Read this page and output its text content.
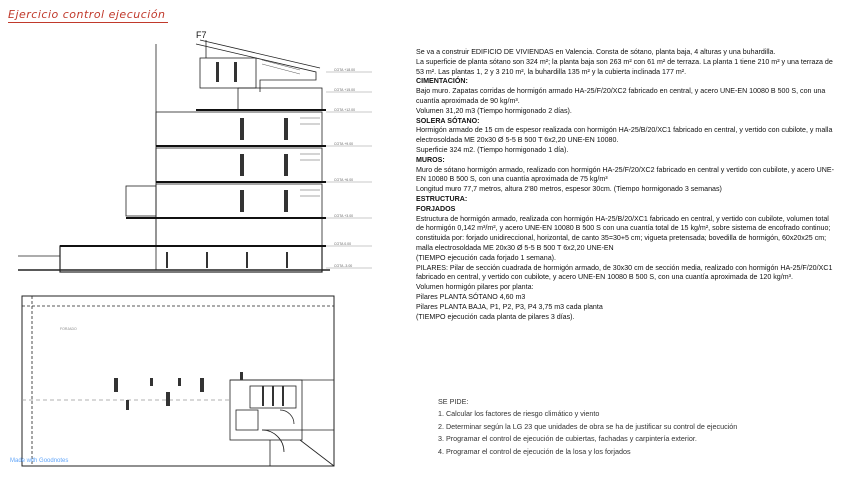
Ejercicio control ejecución
F7
COTA +18.00
COTA +15.00
COTA +12.00
COTA +9.00
COTA +6.00
COTA +3.00
COTA 0.00
COTA -3.00
FORJADO

Se va a construir EDIFICIO DE VIVIENDAS en Valencia. Consta de sótano, planta baja, 4 alturas y una buhardilla.

La superficie de planta sótano son 324 m²; la planta baja son 263 m² con 61 m² de terraza. La planta 1 tiene 210 m² y una terraza de 53 m². Las plantas 1, 2 y 3 210 m², la buhardilla 135 m² y la cubierta inclinada 177 m².

CIMENTACIÓN:

Bajo muro. Zapatas corridas de hormigón armado HA-25/F/20/XC2 fabricado en central, y acero UNE-EN 10080 B 500 S, con una cuantía aproximada de 90 kg/m³.

Volumen 31,20 m3 (Tiempo hormigonado 2 días).

SOLERA SÓTANO:

Hormigón armado de 15 cm de espesor realizada con hormigón HA-25/B/20/XC1 fabricado en central, y vertido con cubilote, y malla electrosoldada ME 20x30 Ø 5-5 B 500 T 6x2,20 UNE-EN 10080.

Superficie 324 m2. (Tiempo hormigonado 1 día).

MUROS:

Muro de sótano hormigón armado, realizado con hormigón HA-25/F/20/XC2 fabricado en central y vertido con cubilote, y acero UNE-EN 10080 B 500 S, con una cuantía aproximada de 75 kg/m³

Longitud muro 77,7 metros, altura 2'80 metros, espesor 30cm. (Tiempo hormigonado 3 semanas)

ESTRUCTURA:

FORJADOS

Estructura de hormigón armado, realizada con hormigón HA-25/B/20/XC1 fabricado en central, y vertido con cubilote, volumen total de hormigón 0,142 m³/m², y acero UNE-EN 10080 B 500 S con una cuantía total de 15 kg/m², sobre sistema de encofrado continuo; constituida por: forjado unidireccional, horizontal, de canto 35=30+5 cm; vigueta pretensada; bovedilla de hormigón, 60x20x25 cm; malla electrosoldada ME 20x30 Ø 5-5 B 500 T 6x2,20 UNE-EN

(TIEMPO ejecución cada forjado 1 semana).

PILARES: Pilar de sección cuadrada de hormigón armado, de 30x30 cm de sección media, realizado con hormigón HA-25/F/20/XC1 fabricado en central, y vertido con cubilote, y acero UNE-EN 10080 B 500 S, con una cuantía aproximada de 120 kg/m³.

Volumen hormigón pilares por planta:

Pilares PLANTA SÓTANO 4,60 m3

Pilares PLANTA BAJA, P1, P2, P3, P4 3,75 m3 cada planta

(TIEMPO ejecución cada planta de pilares 3 días).

SE PIDE:

1. Calcular los factores de riesgo climático y viento

2. Determinar según la LG 23 que unidades de obra se ha de justificar su control de ejecución

3. Programar el control de ejecución de cubiertas, fachadas y carpintería exterior.

4. Programar el control de ejecución de la losa y los forjados

Made with Goodnotes
